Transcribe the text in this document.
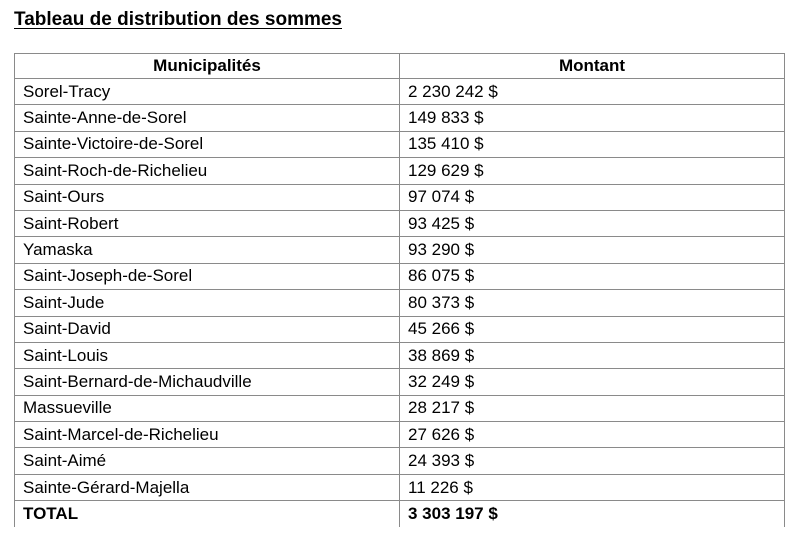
Tableau de distribution des sommes
Municipalités	Montant
Sorel-Tracy	2 230 242 $
Sainte-Anne-de-Sorel	149 833 $
Sainte-Victoire-de-Sorel	135 410 $
Saint-Roch-de-Richelieu	129 629 $
Saint-Ours	97 074 $
Saint-Robert	93 425 $
Yamaska	93 290 $
Saint-Joseph-de-Sorel	86 075 $
Saint-Jude	80 373 $
Saint-David	45 266 $
Saint-Louis	38 869 $
Saint-Bernard-de-Michaudville	32 249 $
Massueville	28 217 $
Saint-Marcel-de-Richelieu	27 626 $
Saint-Aimé	24 393 $
Sainte-Gérard-Majella	11 226 $
TOTAL	3 303 197 $
